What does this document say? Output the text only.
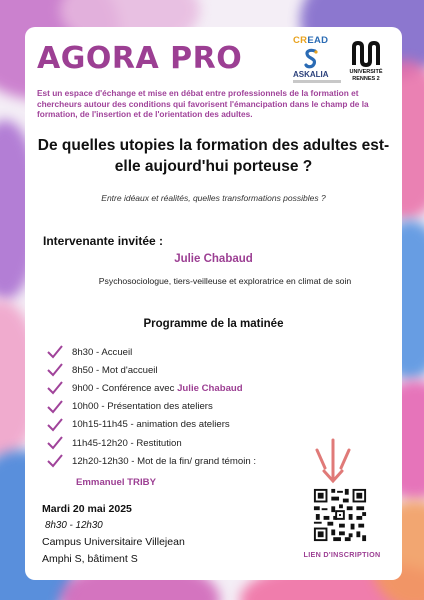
AGORA PRO
CREAD
ASKALIA	UNIVERSITÉ
RENNES 2

Est un espace d'échange et mise en débat entre professionnels de la formation et chercheurs autour des conditions qui favorisent l'émancipation dans le champ de la formation, de l'insertion et de l'orientation des adultes.

De quelles utopies la formation des adultes est-elle aujourd'hui porteuse ?

Entre idéaux et réalités, quelles transformations possibles ?

Intervenante invitée :

Julie Chabaud

Psychosociologue, tiers-veilleuse et exploratrice en climat de soin

Programme de la matinée

8h30 - Accueil
8h50 - Mot d'accueil
9h00 - Conférence avec Julie Chabaud
10h00 - Présentation des ateliers
10h15-11h45 - animation des ateliers
11h45-12h20 - Restitution
12h20-12h30 - Mot de la fin/ grand témoin :

Emmanuel TRIBY

Mardi 20 mai 2025

8h30 - 12h30

Campus Universitaire Villejean

Amphi S, bâtiment S	LIEN D'INSCRIPTION
